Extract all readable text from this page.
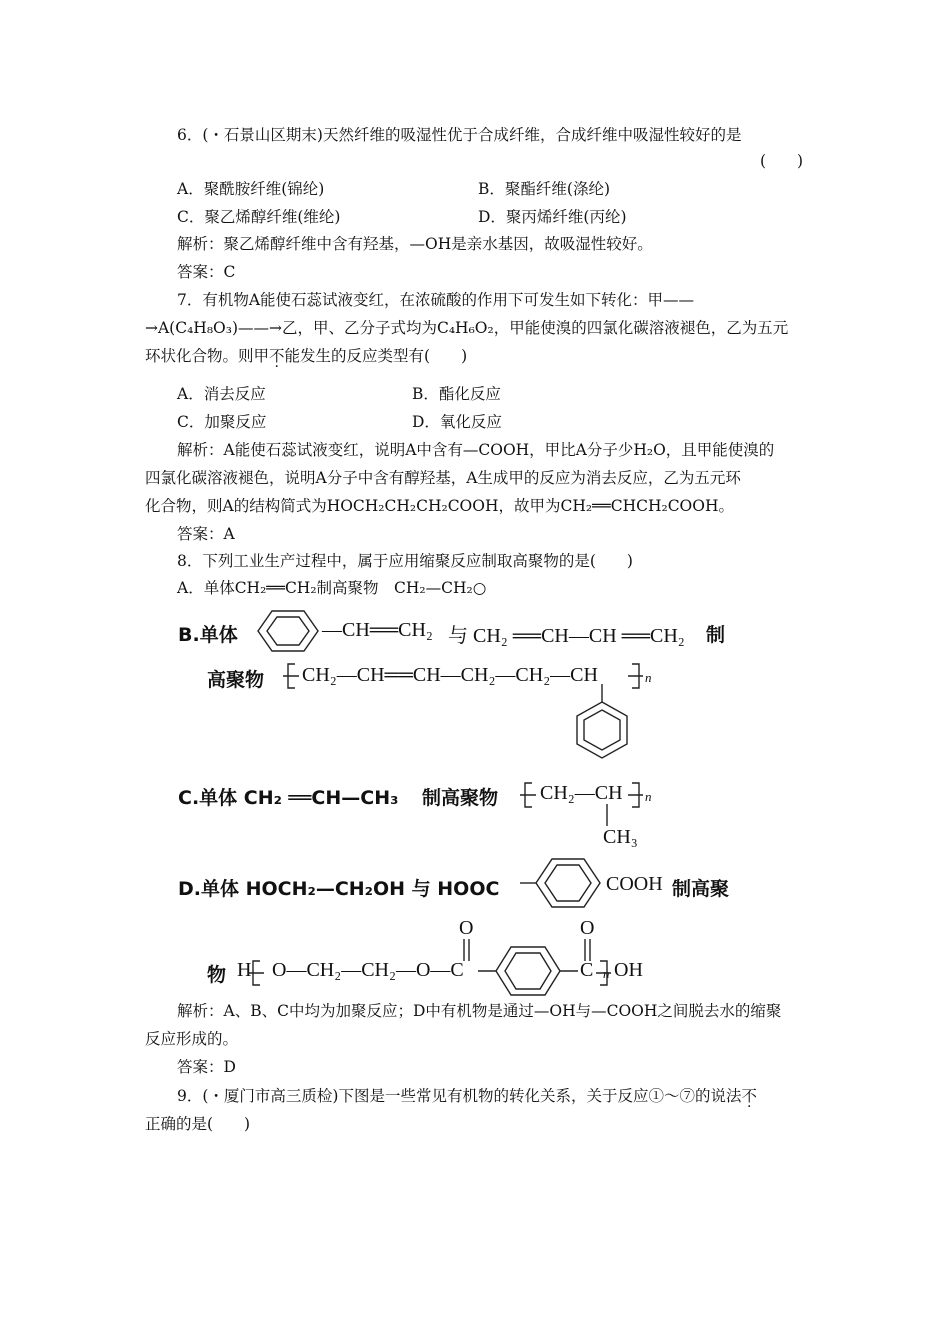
6．(・石景山区期末)天然纤维的吸湿性优于合成纤维，合成纤维中吸湿性较好的是
(　　)
A．聚酰胺纤维(锦纶)	B．聚酯纤维(涤纶)
C．聚乙烯醇纤维(维纶)	D．聚丙烯纤维(丙纶)
解析：聚乙烯醇纤维中含有羟基，—OH是亲水基因，故吸湿性较好。
答案：C
7．有机物A能使石蕊试液变红，在浓硫酸的作用下可发生如下转化：甲——
→A(C₄H₈O₃)——→乙，甲、乙分子式均为C₄H₆O₂，甲能使溴的四氯化碳溶液褪色，乙为五元
环状化合物。则甲不能发生的反应类型有(　　)
A．消去反应	B．酯化反应
C．加聚反应	D．氧化反应
解析：A能使石蕊试液变红，说明A中含有—COOH，甲比A分子少H₂O，且甲能使溴的
四氯化碳溶液褪色，说明A分子中含有醇羟基，A生成甲的反应为消去反应，乙为五元环
化合物，则A的结构简式为HOCH₂CH₂CH₂COOH，故甲为CH₂══CHCH₂COOH。
答案：A
8．下列工业生产过程中，属于应用缩聚反应制取高聚物的是(　　)
A．单体CH₂══CH₂制高聚物　CH₂—CH₂○
B.单体	—CH══CH₂ 与 CH₂ ══CH—CH ══CH₂ 制
高聚物 CH₂—CH══CH—CH₂—CH₂—CH	n
C.单体 CH₂ ══CH—CH₃ 制高聚物 CH₂—CH n
CH₃
D.单体 HOCH₂—CH₂OH 与 HOOC	COOH 制高聚
物 H O—CH₂—CH₂—O—C	C OH
O	O
n
解析：A、B、C中均为加聚反应；D中有机物是通过—OH与—COOH之间脱去水的缩聚
反应形成的。
答案：D
9．(・厦门市高三质检)下图是一些常见有机物的转化关系，关于反应①～⑦的说法不
正确的是(　　)
